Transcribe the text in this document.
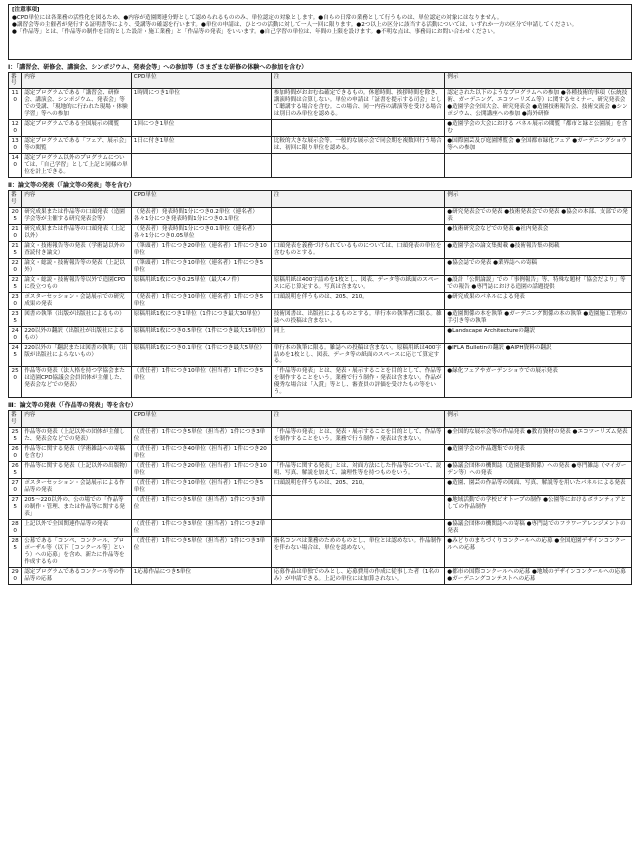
[注意事項]

●CPD単位には各業務の活性化を図るため、●内容が造園関連分野として認められるもののみ、単位認定の対象とします。●自らの日常の業務として行うものは、単位認定の対象にはなりません。

●講習会等の主催者が発行する証明書等により、受講等の確認を行います。●単位の申請は、ひとつの活動に対して一人一回に限ります。●2つ以上の区分に該当する活動については、いずれか一方の区分で申請してください。

●「作品等」とは、「作品等の制作を目的とした設計・施工業務」と「作品等の発表」をいいます。●自己学習の単位は、年間の上限を設けます。●不明な点は、事務局にお問い合わせください。

Ⅰ：「講習会、研修会、講演会、シンポジウム、発表会等」への参加等（さまざまな研修の体験への参加を含む）
番号	内容	CPD単位	注	例示
110	認定プログラムである「講習会、研修会、講演会、シンポジウム、発表会」等での受講、「現地的に行われた現場・体験学習」等への参加	1時間につき1単位	参加時間がおおむね確定できるもの。休憩時間、挨拶時間を除き、講演時間は合算しない。単位の申請は「証書を提示する司会」として聴講する場合を含む。この場合、同一内容の講演等を受ける場合は別日のみ単位を認める。	認定された以下のようなプログラムへの参加 ●各種技術的事項（伝統技術、ガーデニング、エコツーリズム等）に関するセミナー、研究発表会 ●造園学会全国大会、研究発表会 ●造園技術報告会、技術交流会 ●シンポジウム、公開講座への参加 ●海外研修
120	認定プログラムである全国展示の閲覧	1回につき1単位		●造園学会の大会における パネル展示の閲覧「都市と緑と公園展」を含む
130	認定プログラムである「フェア、展示会」等の閲覧	1日に付き1単位	比較的大きな展示会等。一般的な展示会で同会期を複数回行う場合は、初回に限り単位を認める。	●国際園芸及び庭園博覧会 ●全国都市緑化フェア ●ガーデニングショウ等への参加
140	認定プログラム以外のプログラムについては、「自己学習」として上記と同様の単位を計上できる。			
Ⅱ：論文等の発表（「論文等の発表」等を含む）
番号	内容	CPD単位	注	例示
205	研究成果または作品等の口頭発表（造園学会等が主催する研究発表会等）	（発表者）発表時間1分につき0.2単位（連名者）各々1分につき発表時間1分につき0.1単位		●研究発表会での発表 ●技術発表会での発表 ●協会の本部、支部での発表
210	研究成果または作品等の口頭発表（上記以外）	（発表者）発表時間1分につき0.1単位（連名者）各々1分につき0.05単位		●技術研究会などでの発表 ●社内発表会
215	論文・技術報告等の発表（学術誌以外の査読付き論文）	（筆頭者）1件につき20単位（連名者）1件につき10単位	口頭発表を義務づけられているものについては、口頭発表の単位を含むものとする。	●造園学会の論文集掲載 ●技術報告集の掲載
220	論文・総説・技術報告等の発表（上記以外）	（筆頭者）1件につき10単位（連名者）1件につき5単位		●協会誌での発表 ●業界誌への寄稿
225	論文・総説・技術報告等以外で造園CPDに役立つもの	原稿用紙1枚につき0.25単位（最大4ノ件）	原稿用紙は400字詰めを1枚とし、図表、データ等の紙面のスペースに応じ算定する。写真は含まない。	●設計「公開論説」での「事例報告」等、特殊な題材「協会だより」等での報告 ●専門誌における造園の話題提供
230	ポスターセッション・会誌展示での研究成果の発表	（発表者）1件につき10単位（連名者）1件につき5単位	口頭説明を伴うものは、205、210。	●研究成果のパネルによる発表
235	図書の執筆（出版が出版社によるもの）	原稿用紙1枚につき1単位（1件につき最大30単位）	技術図書は、出版社によるものとする。単行本の執筆者に限る。雑誌への投稿は含まない。	●造園関係の本を執筆 ●ガーデニング関係の本の執筆 ●造園施工管理の手引き等の執筆
240	220以外の翻訳（出版社が出版社によるもの）	原稿用紙1枚につき0.5単位（1件につき最大15単位）	同上	●Landscape Architectureの翻訳
245	220以外の「翻訳または図書の執筆」（出版が出版社によらないもの）	原稿用紙1枚につき0.1単位（1件につき最大5単位）	単行本の執筆に限る。雑誌への投稿は含まない。原稿用紙は400字詰めを1枚とし、図表、データ等の紙面のスペースに応じて算定する。	●IFLA Bulletinの翻訳 ●AIPH資料の翻訳
250	作品等の発表（法人格を持つ学協会または造園CPD協議会会員団体が主催した、発表会などでの発表）	（責任者）1件につき10単位（担当者）1件につき5単位	「作品等の発表」とは、発表・展示することを目的として、作品等を制作することをいう。業務で行う制作・発表は含まない。作品が優秀な場合は「入賞」等とし、審査員の評価を受けたもの等をいう。	●緑化フェアやガーデンショウでの展示発表
Ⅲ：論文等の発表（「作品等の発表」等を含む）
番号	内容	CPD単位	注	例示
255	作品等の発表（上記以外の団体が主催した、発表会などでの発表）	（責任者）1件につき5単位（担当者）1件につき3単位	「作品等の発表」とは、発表・展示することを目的として、作品等を制作することをいう。業務で行う制作・発表は含まない。	●全国的な展示会等の作品発表 ●教育資材の発表 ●エコツーリズム発表
260	作品等に関する発表（学術雑誌への寄稿を含む）	（責任者）1件につき40単位（担当者）1件につき20単位		●造園学会の作品選集での発表
265	作品等に関する発表（上記以外の出版物）	（責任者）1件につき20単位（担当者）1件につき10単位	「作品等に関する発表」とは、対面方法にした作品等について、説明、写真、解説を加えて、論理性等を持つものをいう。	●協議会団体の機関誌（造園建築関係）への発表 ●専門雑誌（マイガーデン等）への発表
270	ポスターセッション・会誌展示による作品等の発表	（責任者）1件につき10単位（担当者）1件につき5単位	口頭説明を伴うものは、205、210。	●造園、園芸の作品等の図面、写真、解説等を用いたパネルによる発表
275	205〜220以外の、公の場での「作品等の制作・管理、または作品等に関する発表」	（責任者）1件につき5単位（担当者）1件につき3単位		●地域活動での学校ビオトープの制作 ●公園等におけるボランティアとしての作品制作
280	上記以外で全国関連作品等の発表	（責任者）1件につき3単位（担当者）1件につき2単位		●協議会団体の機関誌への寄稿 ●専門誌でのフラワーアレンジメントの発表
285	公募である「コンペ、コンクール、プロポーザル等（以下［コンクール等］という）への応募」を含め、新たに作品等を作成するもの	（責任者）1件につき5単位（担当者）1件につき3単位	指名コンペは業務のためのものとし、単位とは認めない。作品制作を伴わない場合は、単位を認めない。	●みどりのまちづくりコンクールへの応募 ●全国庭園デザインコンクールへの応募
290	認定プログラムであるコンクール等の作品等の応募	1応募作品につき5単位	応募作品は単独でのみとし、応募費用の作成に従事した者（1名のみ）が申請できる。上記の単位には加算されない。	●都市の国際コンクールへの応募 ●地域のデザインコンクールへの応募 ●ガーデニングコンテストへの応募
